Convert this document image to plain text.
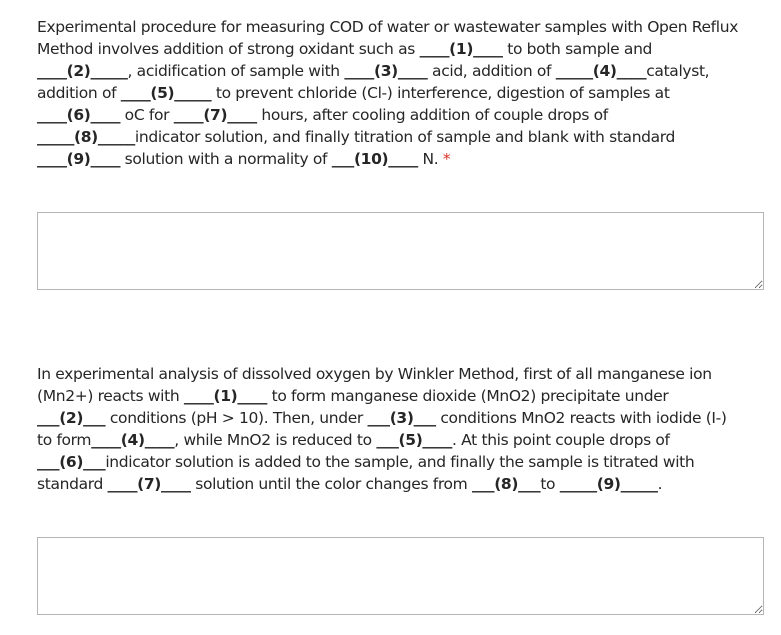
Experimental procedure for measuring COD of water or wastewater samples with Open Reflux
Method involves addition of strong oxidant such as ____(1)____ to both sample and
____(2)_____, acidification of sample with ____(3)____ acid, addition of _____(4)____catalyst,
addition of ____(5)_____ to prevent chloride (Cl-) interference, digestion of samples at
____(6)____ oC for ____(7)____ hours, after cooling addition of couple drops of
_____(8)_____indicator solution, and finally titration of sample and blank with standard
____(9)____ solution with a normality of ___(10)____ N. *
In experimental analysis of dissolved oxygen by Winkler Method, first of all manganese ion
(Mn2+) reacts with ____(1)____ to form manganese dioxide (MnO2) precipitate under
___(2)___ conditions (pH > 10). Then, under ___(3)___ conditions MnO2 reacts with iodide (I-)
to form____(4)____, while MnO2 is reduced to ___(5)____. At this point couple drops of
___(6)___indicator solution is added to the sample, and finally the sample is titrated with
standard ____(7)____ solution until the color changes from ___(8)___to _____(9)_____.
